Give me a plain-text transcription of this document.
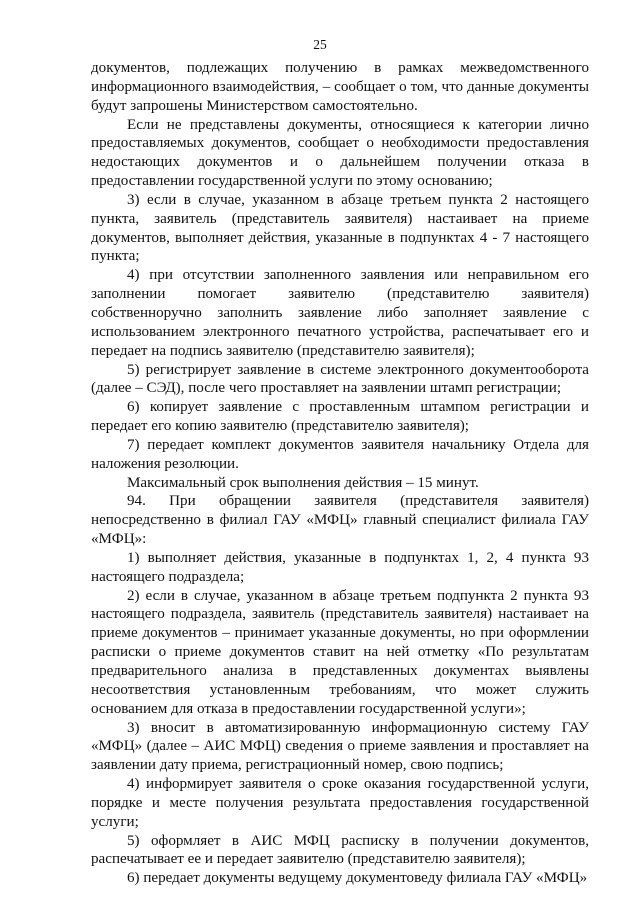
25

документов, подлежащих получению в рамках межведомственного информационного взаимодействия, – сообщает о том, что данные документы будут запрошены Министерством самостоятельно.

Если не представлены документы, относящиеся к категории лично предоставляемых документов, сообщает о необходимости предоставления недостающих документов и о дальнейшем получении отказа в предоставлении государственной услуги по этому основанию;

3) если в случае, указанном в абзаце третьем пункта 2 настоящего пункта, заявитель (представитель заявителя) настаивает на приеме документов, выполняет действия, указанные в подпунктах 4 - 7 настоящего пункта;

4) при отсутствии заполненного заявления или неправильном его заполнении помогает заявителю (представителю заявителя) собственноручно заполнить заявление либо заполняет заявление с использованием электронного печатного устройства, распечатывает его и передает на подпись заявителю (представителю заявителя);

5) регистрирует заявление в системе электронного документооборота (далее – СЭД), после чего проставляет на заявлении штамп регистрации;

6) копирует заявление с проставленным штампом регистрации и передает его копию заявителю (представителю заявителя);

7) передает комплект документов заявителя начальнику Отдела для наложения резолюции.

Максимальный срок выполнения действия – 15 минут.

94. При обращении заявителя (представителя заявителя) непосредственно в филиал ГАУ «МФЦ» главный специалист филиала ГАУ «МФЦ»:

1) выполняет действия, указанные в подпунктах 1, 2, 4 пункта 93 настоящего подраздела;

2) если в случае, указанном в абзаце третьем подпункта 2 пункта 93 настоящего подраздела, заявитель (представитель заявителя) настаивает на приеме документов – принимает указанные документы, но при оформлении расписки о приеме документов ставит на ней отметку «По результатам предварительного анализа в представленных документах выявлены несоответствия установленным требованиям, что может служить основанием для отказа в предоставлении государственной услуги»;

3) вносит в автоматизированную информационную систему ГАУ «МФЦ» (далее – АИС МФЦ) сведения о приеме заявления и проставляет на заявлении дату приема, регистрационный номер, свою подпись;

4) информирует заявителя о сроке оказания государственной услуги, порядке и месте получения результата предоставления государственной услуги;

5) оформляет в АИС МФЦ расписку в получении документов, распечатывает ее и передает заявителю (представителю заявителя);

6) передает документы ведущему документоведу филиала ГАУ «МФЦ»
